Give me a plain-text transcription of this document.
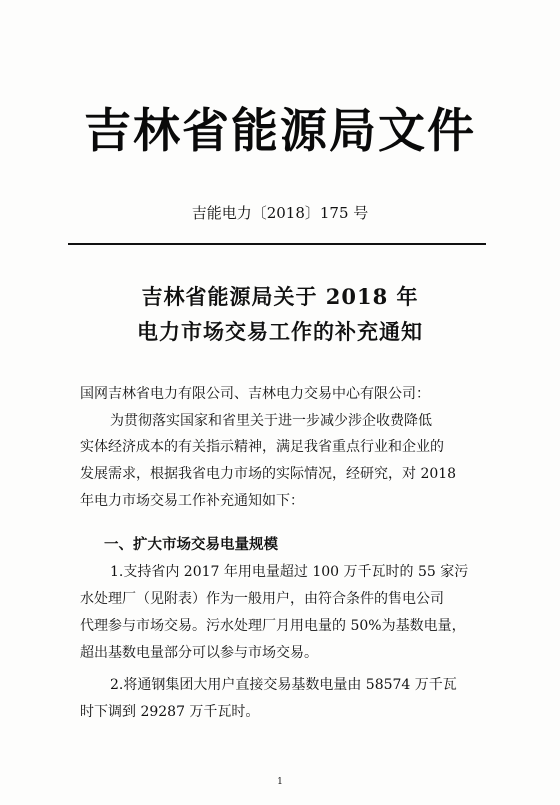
吉林省能源局文件
吉能电力〔2018〕175 号
吉林省能源局关于 2018 年
电力市场交易工作的补充通知
国网吉林省电力有限公司、吉林电力交易中心有限公司：
为贯彻落实国家和省里关于进一步减少涉企收费降低
实体经济成本的有关指示精神，满足我省重点行业和企业的
发展需求，根据我省电力市场的实际情况，经研究，对 2018
年电力市场交易工作补充通知如下：
一、扩大市场交易电量规模
1.支持省内 2017 年用电量超过 100 万千瓦时的 55 家污
水处理厂（见附表）作为一般用户，由符合条件的售电公司
代理参与市场交易。污水处理厂月用电量的 50%为基数电量，
超出基数电量部分可以参与市场交易。
2.将通钢集团大用户直接交易基数电量由 58574 万千瓦
时下调到 29287 万千瓦时。
1
